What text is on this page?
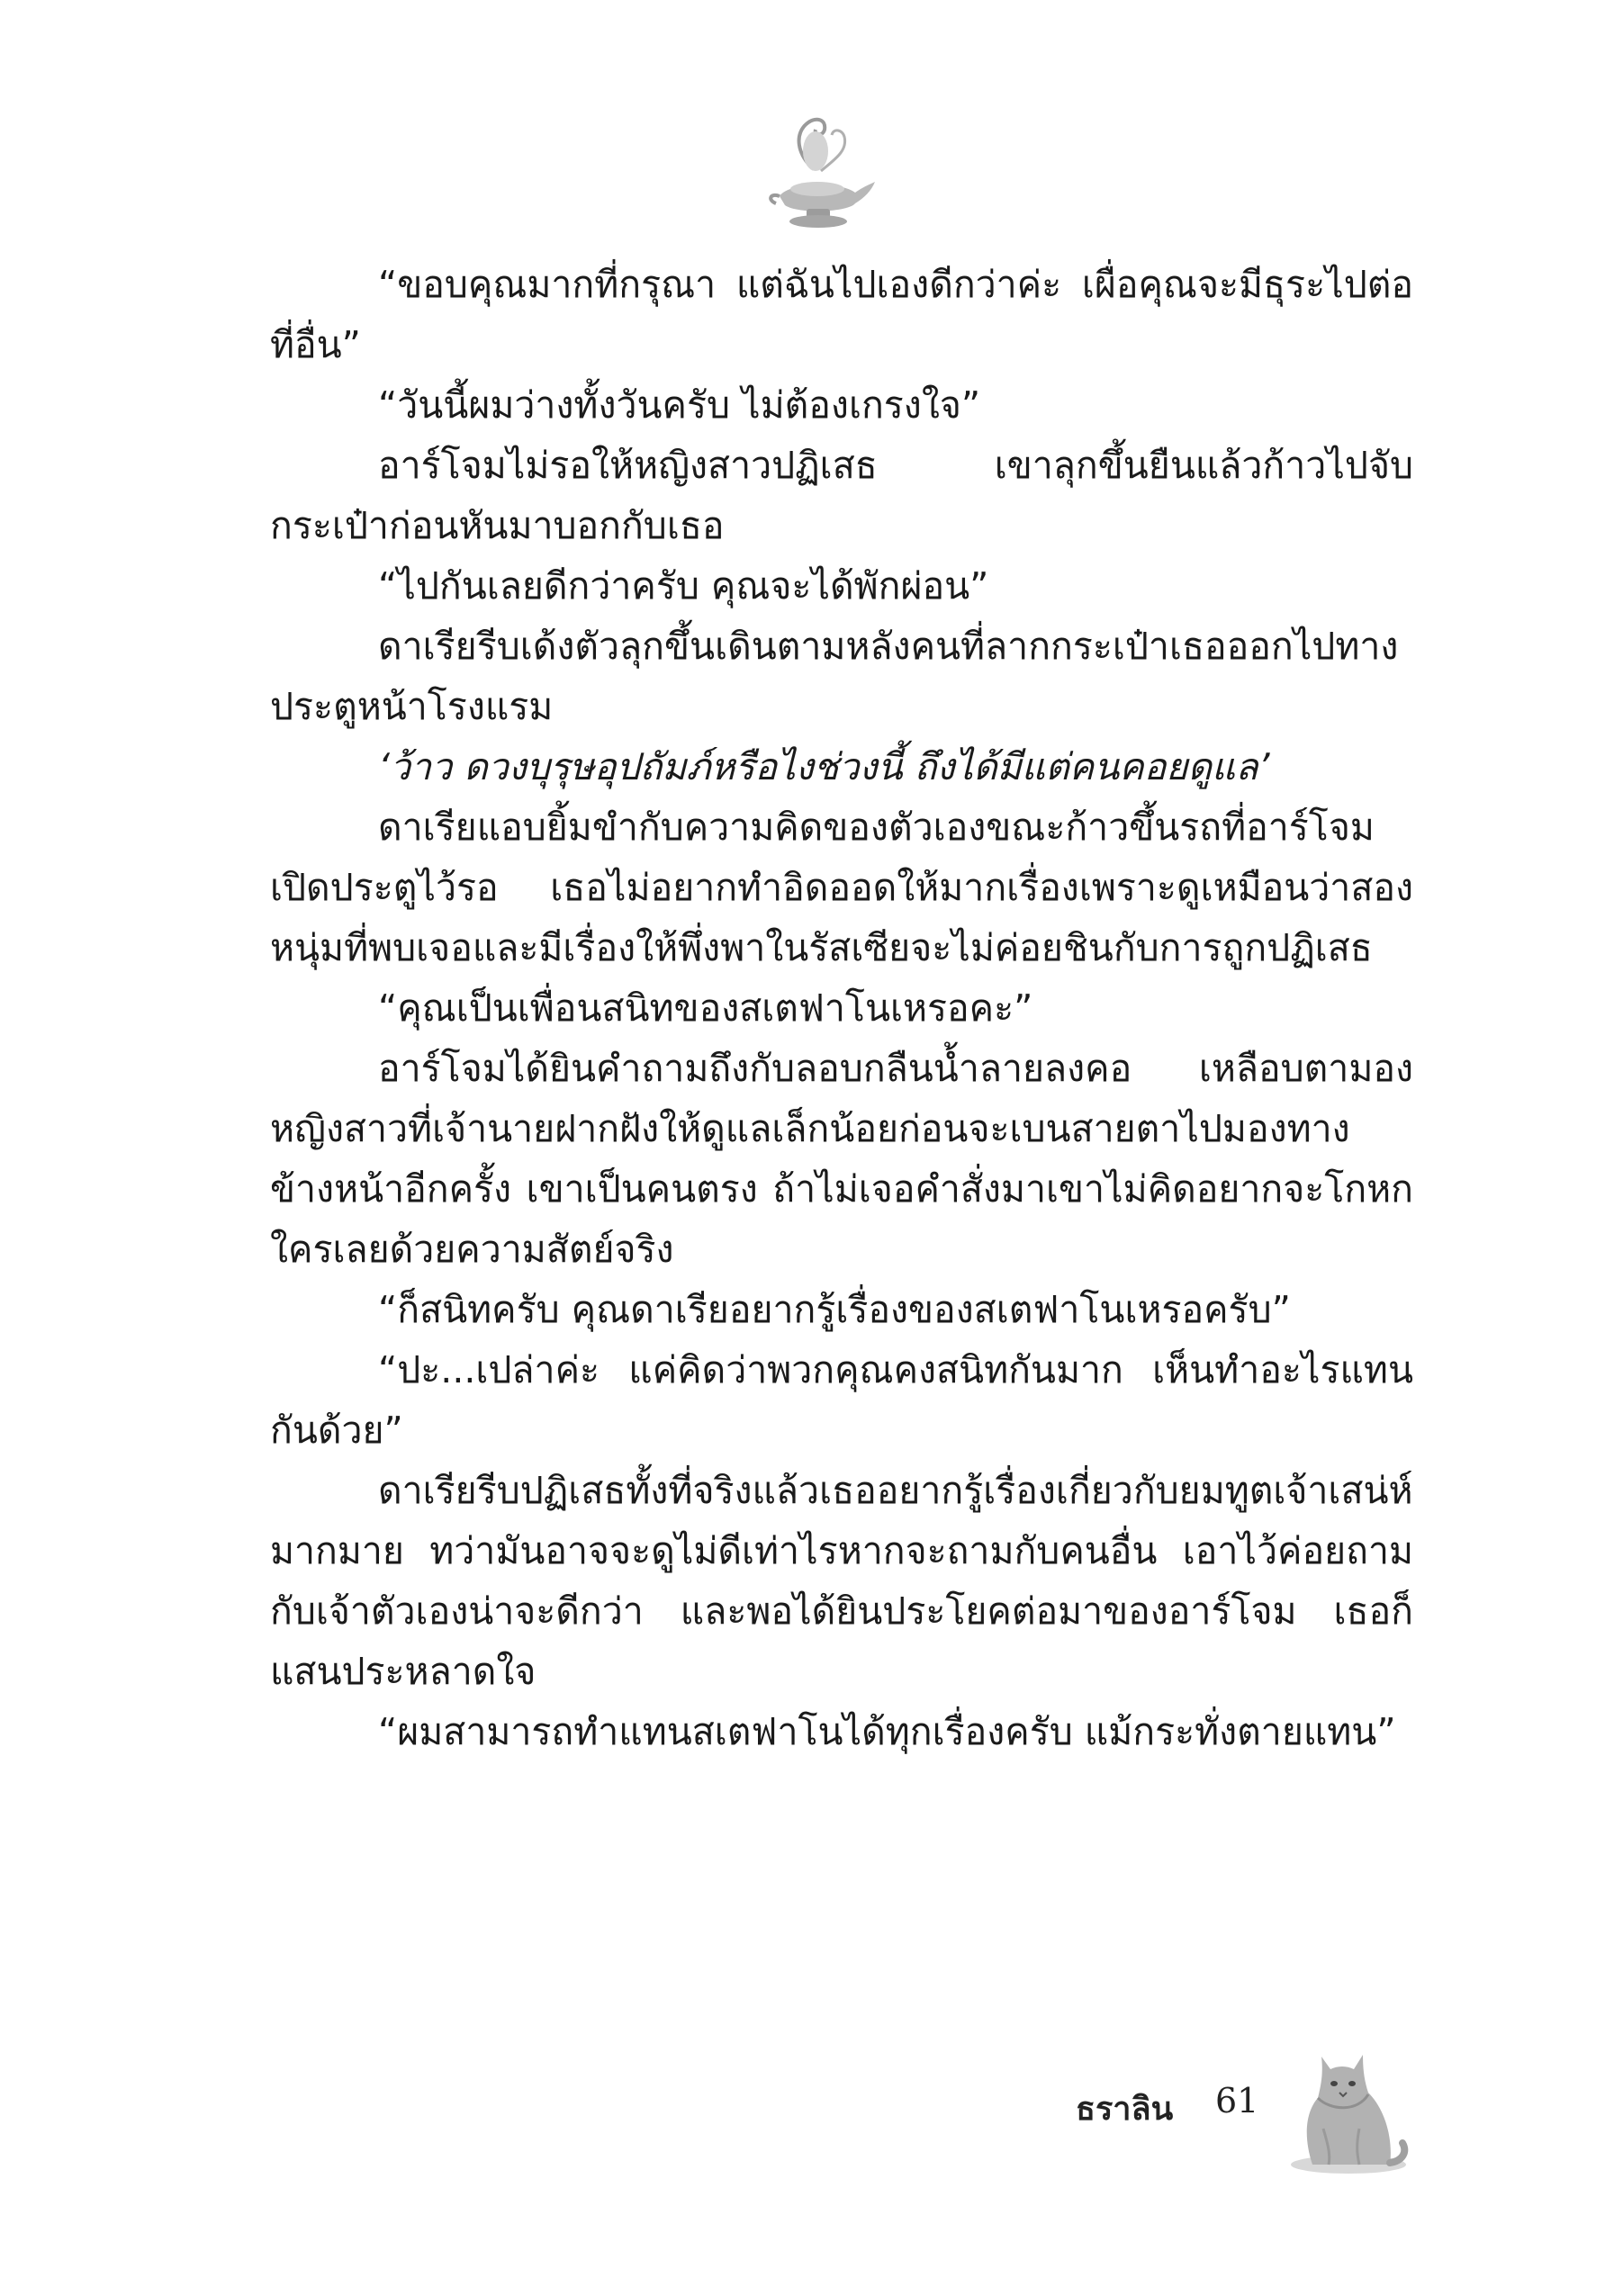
“ขอบคุณมากที่กรุณา แต่ฉันไปเองดีกว่าค่ะ เผื่อคุณจะมีธุระไปต่อที่อื่น”

“วันนี้ผมว่างทั้งวันครับ ไม่ต้องเกรงใจ”

อาร์โจมไม่รอให้หญิงสาวปฏิเสธ เขาลุกขึ้นยืนแล้วก้าวไปจับกระเป๋าก่อนหันมาบอกกับเธอ

“ไปกันเลยดีกว่าครับ คุณจะได้พักผ่อน”

ดาเรียรีบเด้งตัวลุกขึ้นเดินตามหลังคนที่ลากกระเป๋าเธอออกไปทางประตูหน้าโรงแรม

‘ว้าว ดวงบุรุษอุปถัมภ์หรือไงช่วงนี้ ถึงได้มีแต่คนคอยดูแล’

ดาเรียแอบยิ้มขำกับความคิดของตัวเองขณะก้าวขึ้นรถที่อาร์โจมเปิดประตูไว้รอ เธอไม่อยากทำอิดออดให้มากเรื่องเพราะดูเหมือนว่าสองหนุ่มที่พบเจอและมีเรื่องให้พึ่งพาในรัสเซียจะไม่ค่อยชินกับการถูกปฏิเสธ

“คุณเป็นเพื่อนสนิทของสเตฟาโนเหรอคะ”

อาร์โจมได้ยินคำถามถึงกับลอบกลืนน้ำลายลงคอ เหลือบตามองหญิงสาวที่เจ้านายฝากฝังให้ดูแลเล็กน้อยก่อนจะเบนสายตาไปมองทางข้างหน้าอีกครั้ง เขาเป็นคนตรง ถ้าไม่เจอคำสั่งมาเขาไม่คิดอยากจะโกหกใครเลยด้วยความสัตย์จริง

“ก็สนิทครับ คุณดาเรียอยากรู้เรื่องของสเตฟาโนเหรอครับ”

“ปะ...เปล่าค่ะ แค่คิดว่าพวกคุณคงสนิทกันมาก เห็นทำอะไรแทนกันด้วย”

ดาเรียรีบปฏิเสธทั้งที่จริงแล้วเธออยากรู้เรื่องเกี่ยวกับยมทูตเจ้าเสน่ห์มากมาย ทว่ามันอาจจะดูไม่ดีเท่าไรหากจะถามกับคนอื่น เอาไว้ค่อยถามกับเจ้าตัวเองน่าจะดีกว่า และพอได้ยินประโยคต่อมาของอาร์โจม เธอก็แสนประหลาดใจ

“ผมสามารถทำแทนสเตฟาโนได้ทุกเรื่องครับ แม้กระทั่งตายแทน”

ธราลิน 61
